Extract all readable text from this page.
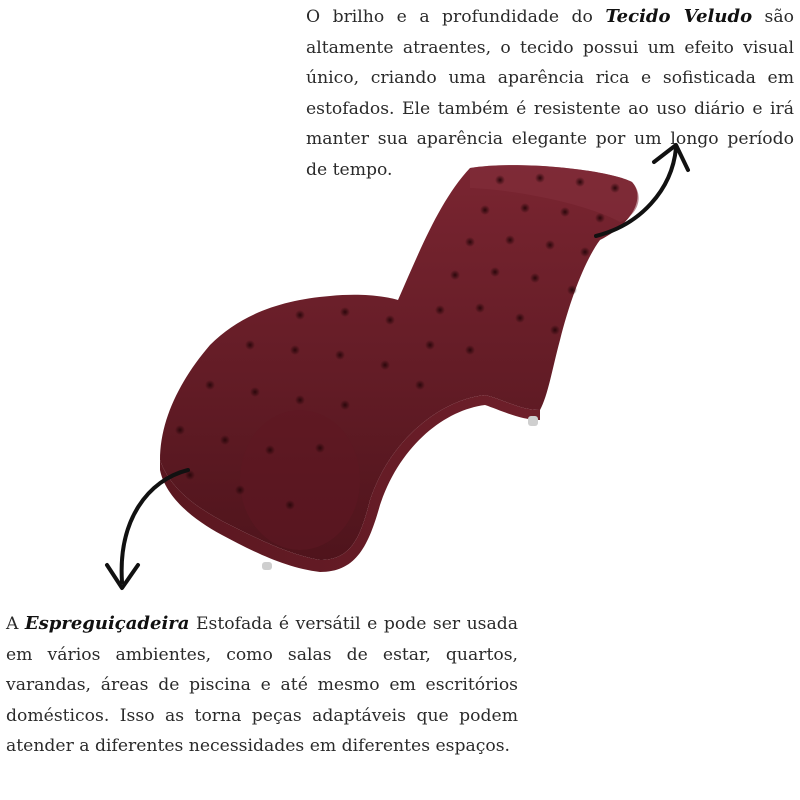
O brilho e a profundidade do Tecido Veludo são altamente atraentes, o tecido possui um efeito visual único, criando uma aparência rica e sofisticada em estofados. Ele também é resistente ao uso diário e irá manter sua aparência elegante por um longo período de tempo.

A Espreguiçadeira Estofada é versátil e pode ser usada em vários ambientes, como salas de estar, quartos, varandas, áreas de piscina e até mesmo em escritórios domésticos. Isso as torna peças adaptáveis que podem atender a diferentes necessidades em diferentes espaços.
